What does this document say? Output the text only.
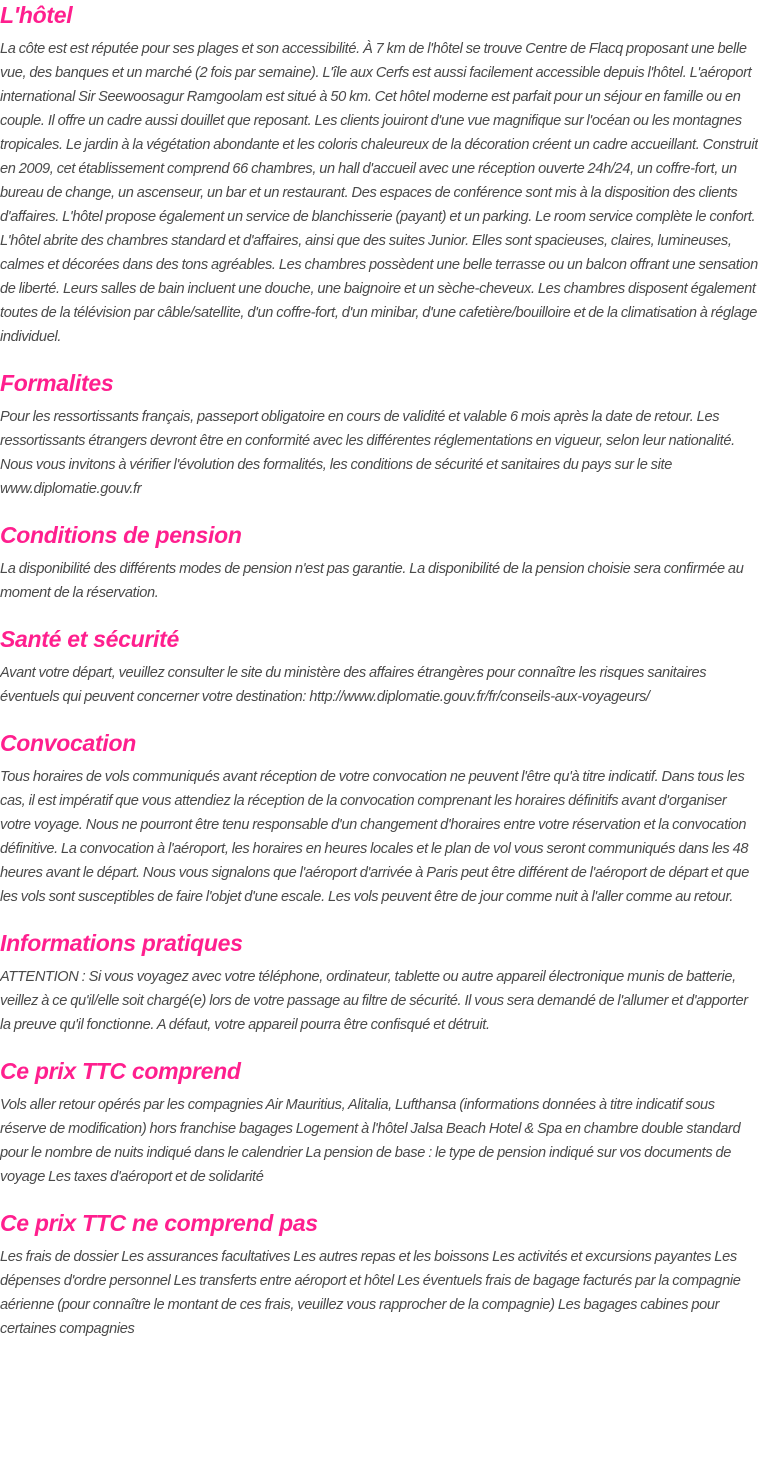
L'hôtel

La côte est est réputée pour ses plages et son accessibilité. À 7 km de l'hôtel se trouve Centre de Flacq proposant une belle vue, des banques et un marché (2 fois par semaine). L'île aux Cerfs est aussi facilement accessible depuis l'hôtel. L'aéroport international Sir Seewoosagur Ramgoolam est situé à 50 km. Cet hôtel moderne est parfait pour un séjour en famille ou en couple. Il offre un cadre aussi douillet que reposant. Les clients jouiront d'une vue magnifique sur l'océan ou les montagnes tropicales. Le jardin à la végétation abondante et les coloris chaleureux de la décoration créent un cadre accueillant. Construit en 2009, cet établissement comprend 66 chambres, un hall d'accueil avec une réception ouverte 24h/24, un coffre-fort, un bureau de change, un ascenseur, un bar et un restaurant. Des espaces de conférence sont mis à la disposition des clients d'affaires. L'hôtel propose également un service de blanchisserie (payant) et un parking. Le room service complète le confort. L'hôtel abrite des chambres standard et d'affaires, ainsi que des suites Junior. Elles sont spacieuses, claires, lumineuses, calmes et décorées dans des tons agréables. Les chambres possèdent une belle terrasse ou un balcon offrant une sensation de liberté. Leurs salles de bain incluent une douche, une baignoire et un sèche-cheveux. Les chambres disposent également toutes de la télévision par câble/satellite, d'un coffre-fort, d'un minibar, d'une cafetière/bouilloire et de la climatisation à réglage individuel.

Formalites

Pour les ressortissants français, passeport obligatoire en cours de validité et valable 6 mois après la date de retour. Les ressortissants étrangers devront être en conformité avec les différentes réglementations en vigueur, selon leur nationalité. Nous vous invitons à vérifier l'évolution des formalités, les conditions de sécurité et sanitaires du pays sur le site www.diplomatie.gouv.fr

Conditions de pension

La disponibilité des différents modes de pension n'est pas garantie. La disponibilité de la pension choisie sera confirmée au moment de la réservation.

Santé et sécurité

Avant votre départ, veuillez consulter le site du ministère des affaires étrangères pour connaître les risques sanitaires éventuels qui peuvent concerner votre destination: http://www.diplomatie.gouv.fr/fr/conseils-aux-voyageurs/

Convocation

Tous horaires de vols communiqués avant réception de votre convocation ne peuvent l'être qu'à titre indicatif. Dans tous les cas, il est impératif que vous attendiez la réception de la convocation comprenant les horaires définitifs avant d'organiser votre voyage. Nous ne pourront être tenu responsable d'un changement d'horaires entre votre réservation et la convocation définitive. La convocation à l'aéroport, les horaires en heures locales et le plan de vol vous seront communiqués dans les 48 heures avant le départ. Nous vous signalons que l'aéroport d'arrivée à Paris peut être différent de l'aéroport de départ et que les vols sont susceptibles de faire l'objet d'une escale. Les vols peuvent être de jour comme nuit à l'aller comme au retour.

Informations pratiques

ATTENTION : Si vous voyagez avec votre téléphone, ordinateur, tablette ou autre appareil électronique munis de batterie, veillez à ce qu'il/elle soit chargé(e) lors de votre passage au filtre de sécurité. Il vous sera demandé de l'allumer et d'apporter la preuve qu'il fonctionne. A défaut, votre appareil pourra être confisqué et détruit.

Ce prix TTC comprend

Vols aller retour opérés par les compagnies Air Mauritius, Alitalia, Lufthansa (informations données à titre indicatif sous réserve de modification) hors franchise bagages Logement à l'hôtel Jalsa Beach Hotel & Spa en chambre double standard pour le nombre de nuits indiqué dans le calendrier La pension de base : le type de pension indiqué sur vos documents de voyage Les taxes d'aéroport et de solidarité

Ce prix TTC ne comprend pas

Les frais de dossier Les assurances facultatives Les autres repas et les boissons Les activités et excursions payantes Les dépenses d'ordre personnel Les transferts entre aéroport et hôtel Les éventuels frais de bagage facturés par la compagnie aérienne (pour connaître le montant de ces frais, veuillez vous rapprocher de la compagnie) Les bagages cabines pour certaines compagnies
